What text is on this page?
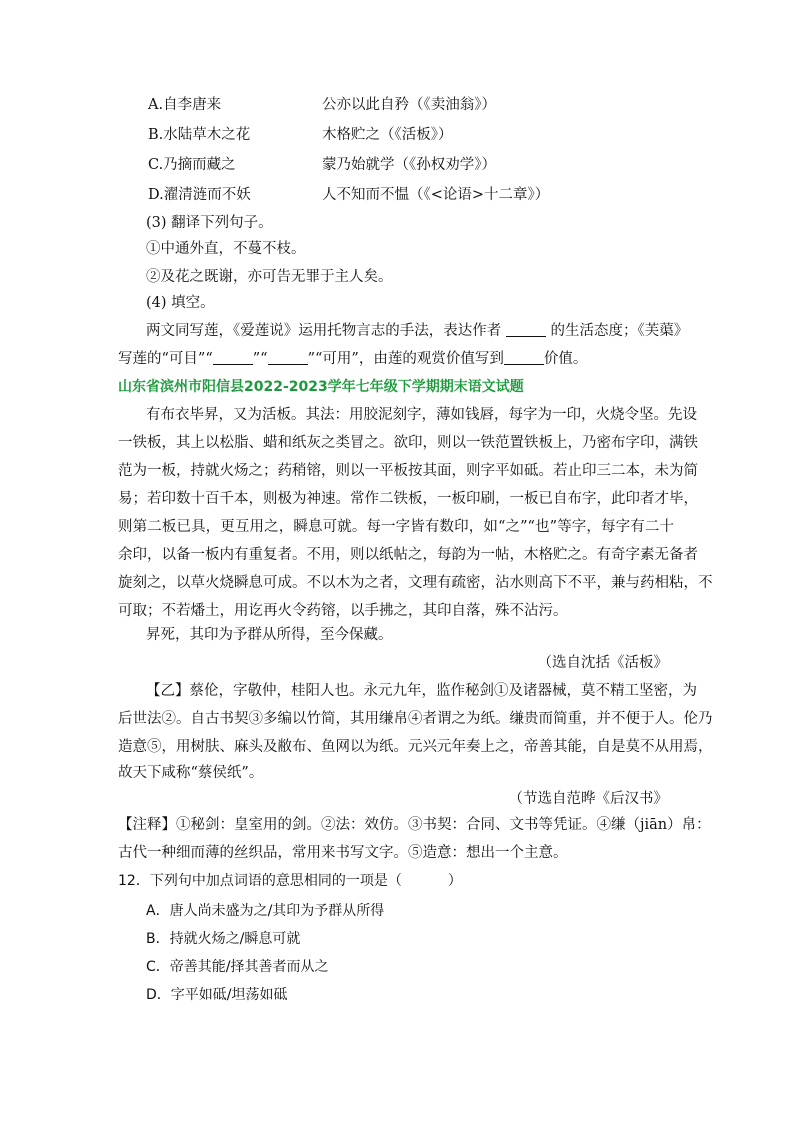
A.自李唐来	公亦以此自矜（《卖油翁》）
B.水陆草木之花	木格贮之（《活板》）
C.乃摘而藏之	蒙乃始就学（《孙权劝学》）
D.濯清涟而不妖	人不知而不愠（《<论语>十二章》）
(3) 翻译下列句子。
①中通外直，不蔓不枝。
②及花之既谢，亦可告无罪于主人矣。
(4) 填空。
两文同写莲，《爱莲说》运用托物言志的手法，表达作者	的生活态度；《芙蕖》
写莲的“可目”“	”“	”“可用”，由莲的观赏价值写到	价值。
山东省滨州市阳信县2022-2023学年七年级下学期期末语文试题
有布衣毕昇，又为活板。其法：用胶泥刻字，薄如钱唇，每字为一印，火烧令坚。先设
一铁板，其上以松脂、蜡和纸灰之类冒之。欲印，则以一铁范置铁板上，乃密布字印，满铁
范为一板，持就火炀之；药稍镕，则以一平板按其面，则字平如砥。若止印三二本，未为简
易；若印数十百千本，则极为神速。常作二铁板，一板印刷，一板已自布字，此印者才毕，
则第二板已具，更互用之，瞬息可就。每一字皆有数印，如“之”“也”等字，每字有二十
余印，以备一板内有重复者。不用，则以纸帖之，每韵为一帖，木格贮之。有奇字素无备者
旋刻之，以草火烧瞬息可成。不以木为之者，文理有疏密，沾水则高下不平，兼与药相粘，不
可取；不若燔土，用讫再火令药镕，以手拂之，其印自落，殊不沾污。
昇死，其印为予群从所得，至今保藏。
（选自沈括《活板》
【乙】蔡伦，字敬仲，桂阳人也。永元九年，监作秘剑①及诸器械，莫不精工坚密，为
后世法②。自古书契③多编以竹简，其用缣帛④者谓之为纸。缣贵而简重，并不便于人。伦乃
造意⑤，用树肤、麻头及敝布、鱼网以为纸。元兴元年奏上之，帝善其能，自是莫不从用焉，
故天下咸称“蔡侯纸”。
（节选自范晔《后汉书》
【注释】①秘剑：皇室用的剑。②法：效仿。③书契：合同、文书等凭证。④缣（jiān）帛：
古代一种细而薄的丝织品，常用来书写文字。⑤造意：想出一个主意。
12．下列句中加点词语的意思相同的一项是（	）
A．唐人尚未盛为之/其印为予群从所得
B．持就火炀之/瞬息可就
C．帝善其能/择其善者而从之
D．字平如砥/坦荡如砥
